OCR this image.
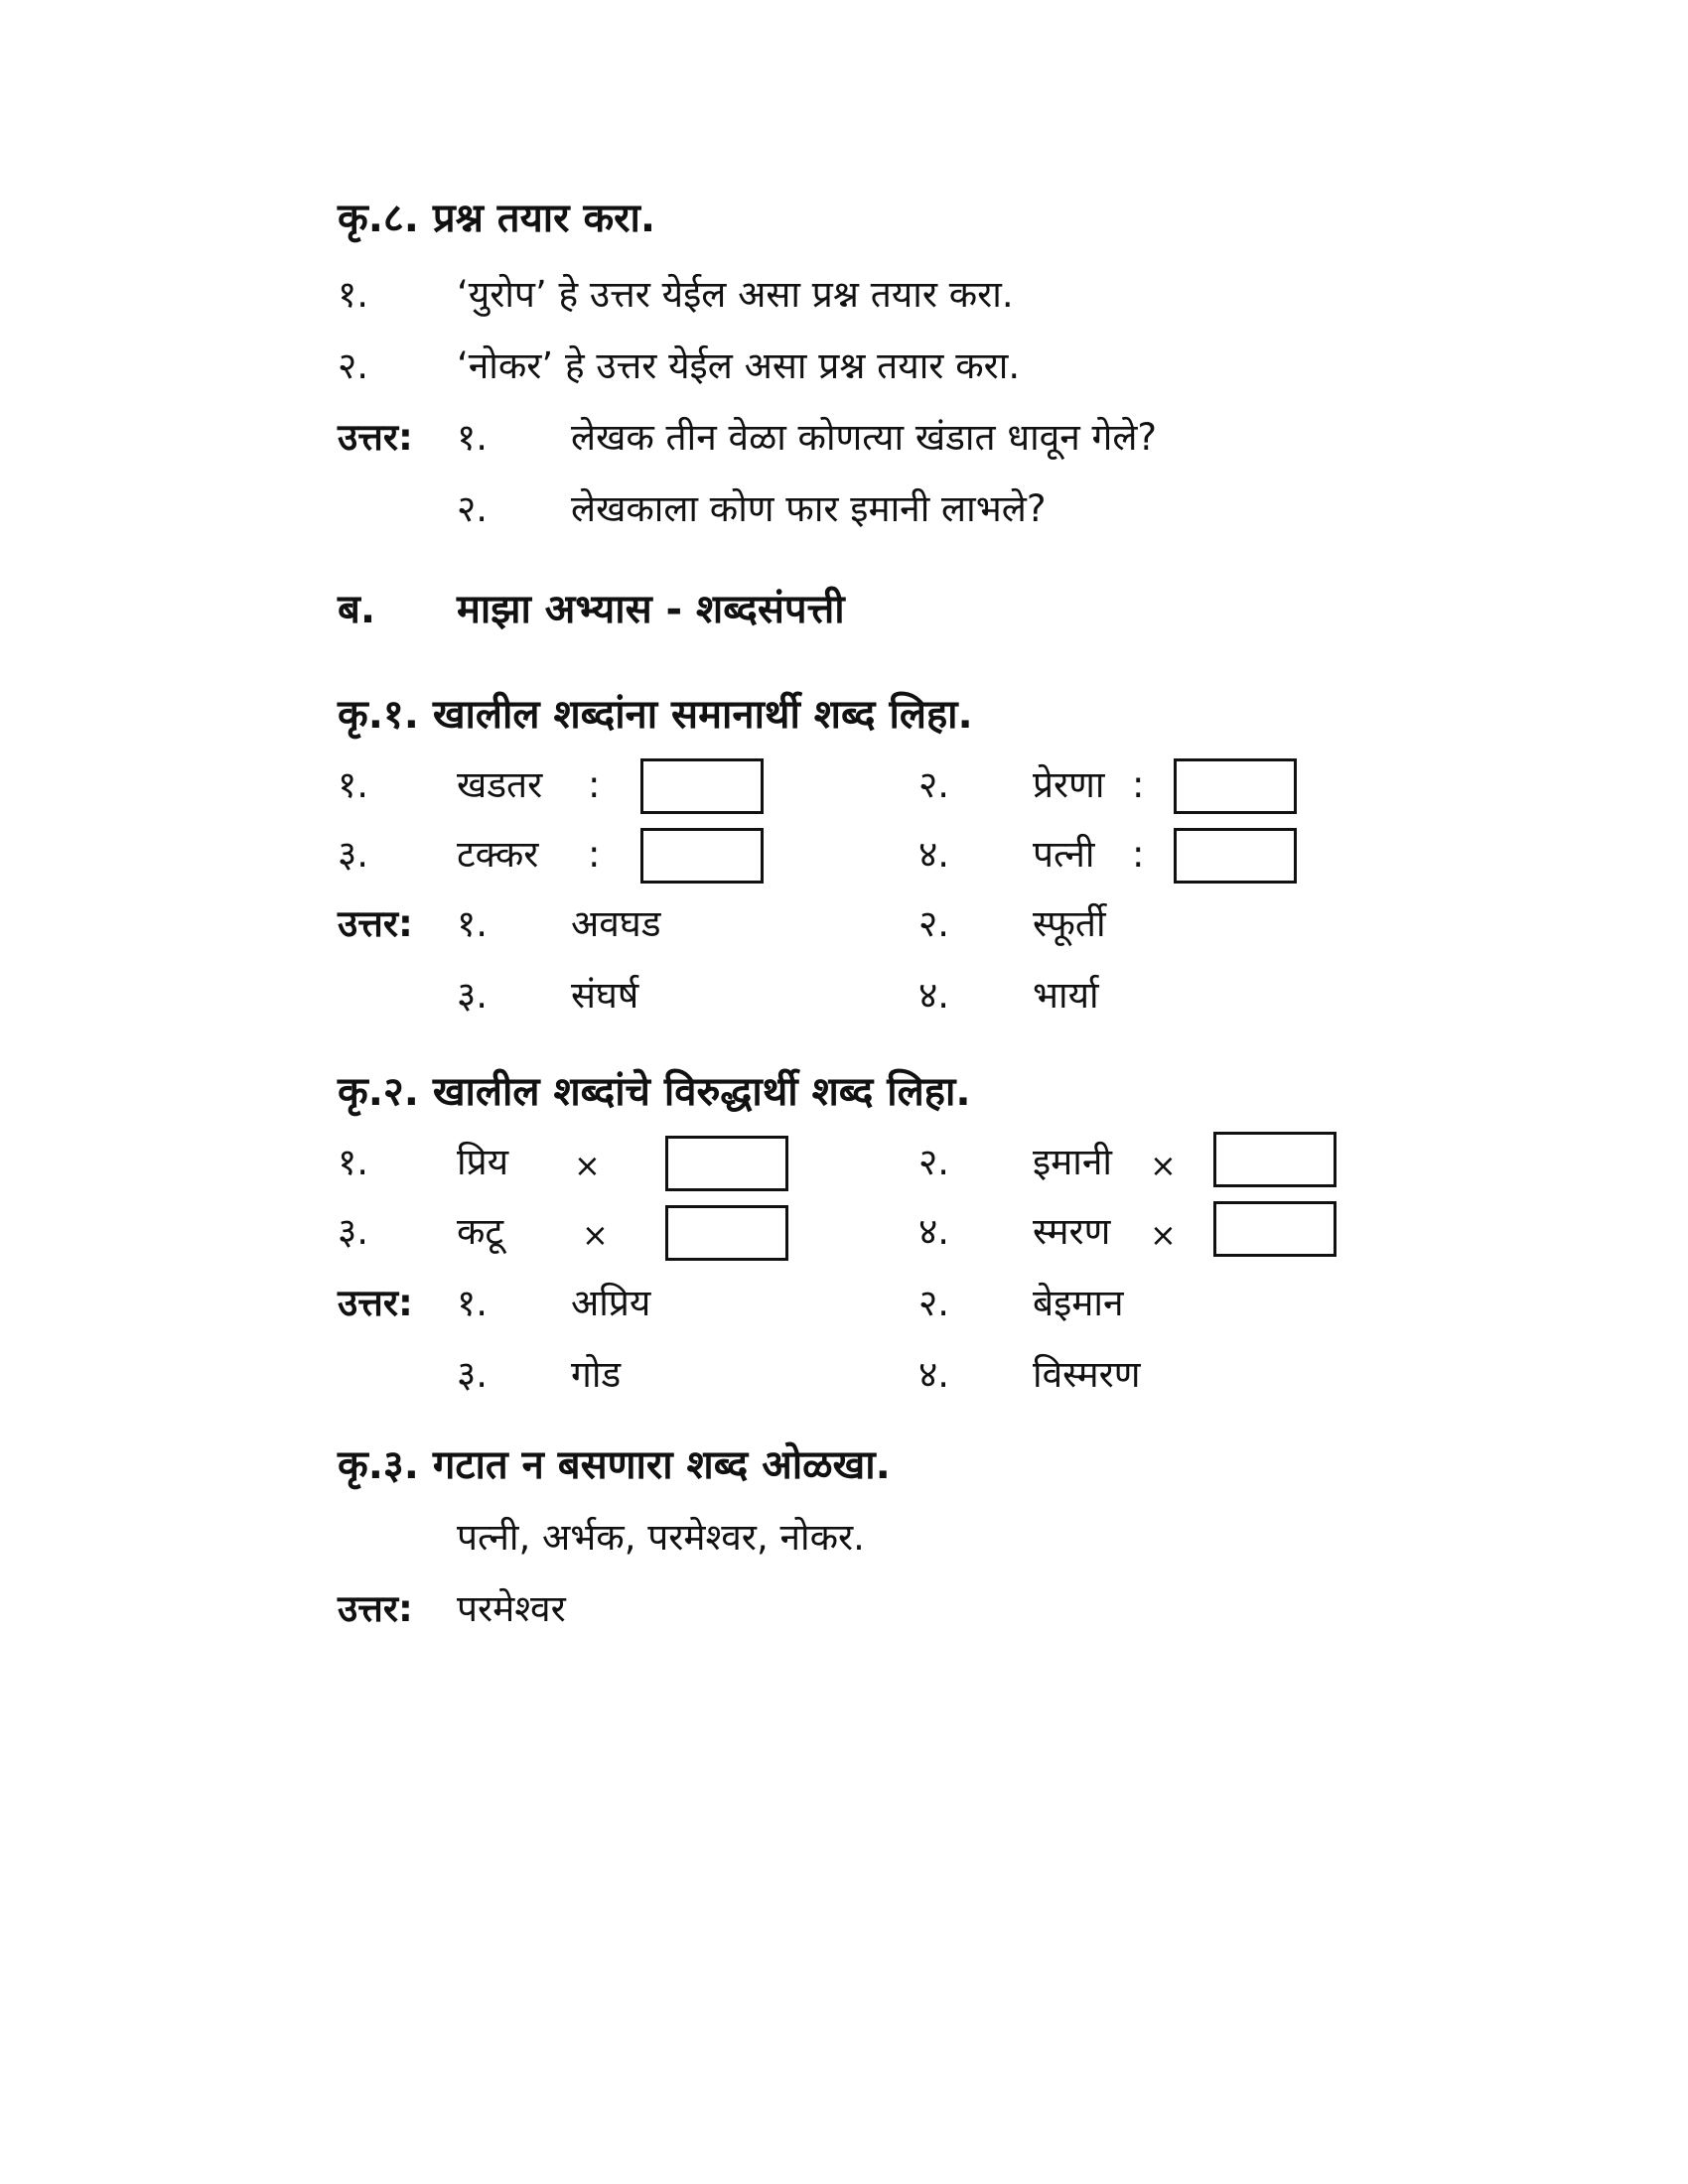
कृ.८. प्रश्न तयार करा.
१. ‘युरोप’ हे उत्तर येईल असा प्रश्न तयार करा.
२. ‘नोकर’ हे उत्तर येईल असा प्रश्न तयार करा.
उत्तर: १. लेखक तीन वेळा कोणत्या खंडात धावून गेले?
२. लेखकाला कोण फार इमानी लाभले?
ब. माझा अभ्यास - शब्दसंपत्ती
कृ.१. खालील शब्दांना समानार्थी शब्द लिहा.
१. खडतर :	२. प्रेरणा :
३. टक्कर :	४. पत्नी :
उत्तर: १. अवघड	२. स्फूर्ती
३. संघर्ष	४. भार्या
कृ.२. खालील शब्दांचे विरुद्धार्थी शब्द लिहा.
१. प्रिय ×	२. इमानी ×
३. कटू ×	४. स्मरण ×
उत्तर: १. अप्रिय	२. बेइमान
३. गोड	४. विस्मरण
कृ.३. गटात न बसणारा शब्द ओळखा.
पत्नी, अर्भक, परमेश्वर, नोकर.
उत्तर: परमेश्वर
